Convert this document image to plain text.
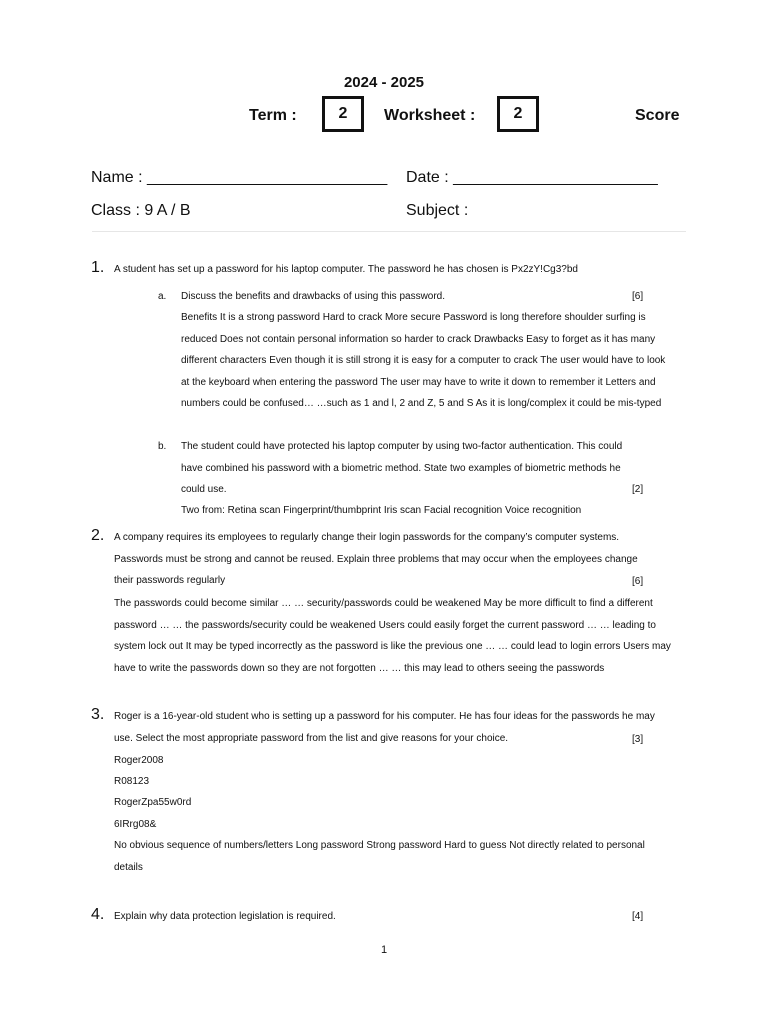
2024 - 2025
Term :	2	Worksheet :	2	Score
Name : ___________________________ Date : _______________________
Class : 9 A / B	Subject :
1. A student has set up a password for his laptop computer. The password he has chosen is Px2zY!Cg3?bd
a. Discuss the benefits and drawbacks of using this password.	[6]
Benefits It is a strong password Hard to crack More secure Password is long therefore shoulder surfing is reduced Does not contain personal information so harder to crack Drawbacks Easy to forget as it has many different characters Even though it is still strong it is easy for a computer to crack The user would have to look at the keyboard when entering the password The user may have to write it down to remember it Letters and numbers could be confused… …such as 1 and l, 2 and Z, 5 and S As it is long/complex it could be mis-typed
b. The student could have protected his laptop computer by using two-factor authentication. This could have combined his password with a biometric method. State two examples of biometric methods he could use.	[2]
Two from: Retina scan Fingerprint/thumbprint Iris scan Facial recognition Voice recognition
2. A company requires its employees to regularly change their login passwords for the company’s computer systems. Passwords must be strong and cannot be reused. Explain three problems that may occur when the employees change their passwords regularly	[6]
The passwords could become similar … … security/passwords could be weakened May be more difficult to find a different password … … the passwords/security could be weakened Users could easily forget the current password … … leading to system lock out It may be typed incorrectly as the password is like the previous one … … could lead to login errors Users may have to write the passwords down so they are not forgotten … … this may lead to others seeing the passwords
3. Roger is a 16-year-old student who is setting up a password for his computer. He has four ideas for the passwords he may use. Select the most appropriate password from the list and give reasons for your choice.	[3]
Roger2008
R08123
RogerZpa55w0rd
6IRrg08&
No obvious sequence of numbers/letters Long password Strong password Hard to guess Not directly related to personal details
4. Explain why data protection legislation is required.	[4]
1
